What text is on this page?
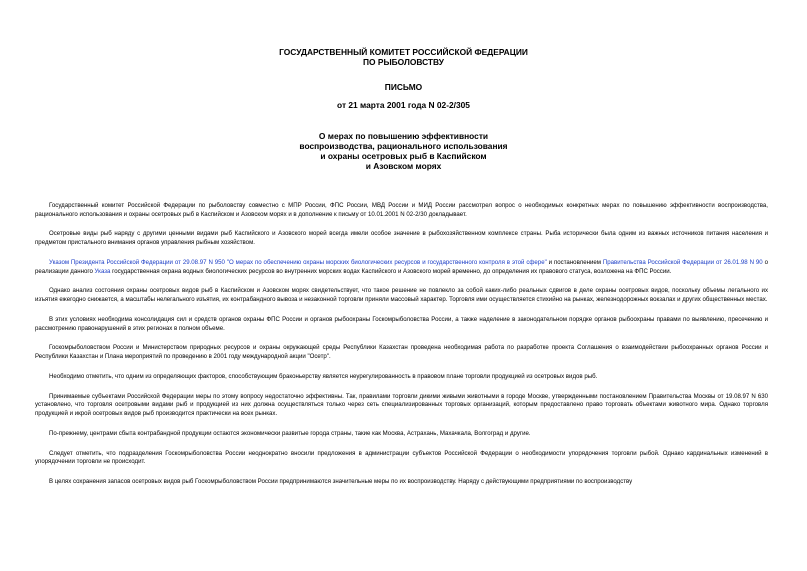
ГОСУДАРСТВЕННЫЙ КОМИТЕТ РОССИЙСКОЙ ФЕДЕРАЦИИ
ПО РЫБОЛОВСТВУ
ПИСЬМО
от 21 марта 2001 года N 02-2/305
О мерах по повышению эффективности
воспроизводства, рационального использования
и охраны осетровых рыб в Каспийском
и Азовском морях

Государственный комитет Российской Федерации по рыболовству совместно с МПР России, ФПС России, МВД России и МИД России рассмотрел вопрос о необходимых конкретных мерах по повышению эффективности воспроизводства, рационального использования и охраны осетровых рыб в Каспийском и Азовском морях и в дополнение к письму от 10.01.2001 N 02-2/30 докладывает.

Осетровые виды рыб наряду с другими ценными видами рыб Каспийского и Азовского морей всегда имели особое значение в рыбохозяйственном комплексе страны. Рыба исторически была одним из важных источников питания населения и предметом пристального внимания органов управления рыбным хозяйством.

Указом Президента Российской Федерации от 29.08.97 N 950 "О мерах по обеспечению охраны морских биологических ресурсов и государственного контроля в этой сфере" и постановлением Правительства Российской Федерации от 26.01.98 N 90 о реализации данного Указа государственная охрана водных биологических ресурсов во внутренних морских водах Каспийского и Азовского морей временно, до определения их правового статуса, возложена на ФПС России.

Однако анализ состояния охраны осетровых видов рыб в Каспийском и Азовском морях свидетельствует, что такое решение не повлекло за собой каких-либо реальных сдвигов в деле охраны осетровых видов, поскольку объемы легального их изъятия ежегодно снижается, а масштабы нелегального изъятия, их контрабандного вывоза и незаконной торговли приняли массовый характер. Торговля ими осуществляется стихийно на рынках, железнодорожных вокзалах и других общественных местах.

В этих условиях необходима консолидация сил и средств органов охраны ФПС России и органов рыбоохраны Госкомрыболовства России, а также наделение в законодательном порядке органов рыбоохраны правами по выявлению, пресечению и рассмотрению правонарушений в этих регионах в полном объеме.

Госкомрыболовством России и Министерством природных ресурсов и охраны окружающей среды Республики Казахстан проведена необходимая работа по разработке проекта Соглашения о взаимодействии рыбоохранных органов России и Республики Казахстан и Плана мероприятий по проведению в 2001 году международной акции "Осетр".

Необходимо отметить, что одним из определяющих факторов, способствующим браконьерству является неурегулированность в правовом плане торговли продукцией из осетровых видов рыб.

Принимаемые субъектами Российской Федерации меры по этому вопросу недостаточно эффективны. Так, правилами торговли дикими живыми животными в городе Москве, утвержденными постановлением Правительства Москвы от 19.08.97 N 630 установлено, что торговля осетровыми видами рыб и продукцией из них должна осуществляться только через сеть специализированных торговых организаций, которым предоставлено право торговать объектами животного мира. Однако торговля продукцией и икрой осетровых видов рыб производится практически на всех рынках.

По-прежнему, центрами сбыта контрабандной продукции остаются экономически развитые города страны, такие как Москва, Астрахань, Махачкала, Волгоград и другие.

Следует отметить, что подразделения Госкомрыболовства России неоднократно вносили предложения в администрации субъектов Российской Федерации о необходимости упорядочения торговли рыбой. Однако кардинальных изменений в упорядочении торговли не происходит.

В целях сохранения запасов осетровых видов рыб Госкомрыболовством России предпринимаются значительные меры по их воспроизводству. Наряду с действующими предприятиями по воспроизводству
